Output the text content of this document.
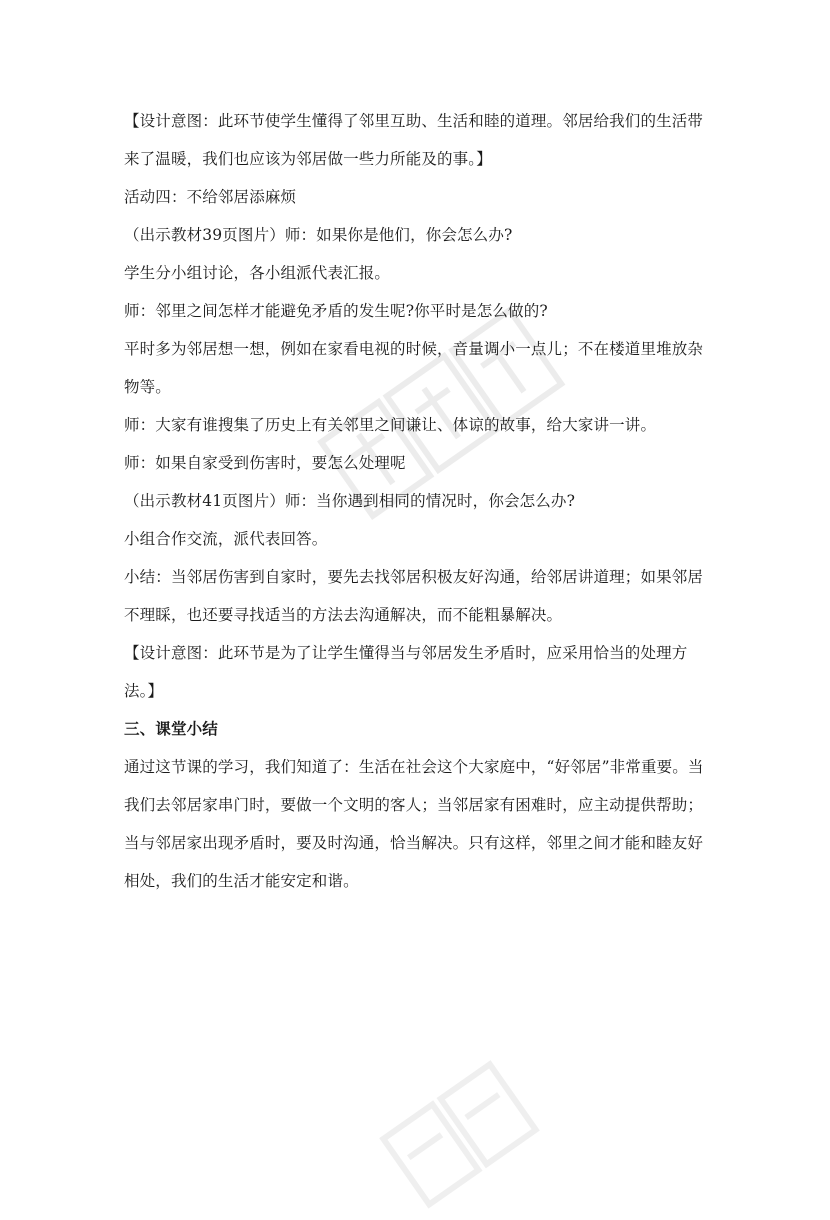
【设计意图：此环节使学生懂得了邻里互助、生活和睦的道理。邻居给我们的生活带来了温暖，我们也应该为邻居做一些力所能及的事。】

活动四：不给邻居添麻烦

（出示教材39页图片）师：如果你是他们，你会怎么办?

学生分小组讨论，各小组派代表汇报。

师：邻里之间怎样才能避免矛盾的发生呢?你平时是怎么做的?

平时多为邻居想一想，例如在家看电视的时候，音量调小一点儿；不在楼道里堆放杂物等。

师：大家有谁搜集了历史上有关邻里之间谦让、体谅的故事，给大家讲一讲。

师：如果自家受到伤害时，要怎么处理呢

（出示教材41页图片）师：当你遇到相同的情况时，你会怎么办?

小组合作交流，派代表回答。

小结：当邻居伤害到自家时，要先去找邻居积极友好沟通，给邻居讲道理；如果邻居不理睬，也还要寻找适当的方法去沟通解决，而不能粗暴解决。

【设计意图：此环节是为了让学生懂得当与邻居发生矛盾时，应采用恰当的处理方法。】

三、课堂小结

通过这节课的学习，我们知道了：生活在社会这个大家庭中，“好邻居”非常重要。当我们去邻居家串门时，要做一个文明的客人；当邻居家有困难时，应主动提供帮助；当与邻居家出现矛盾时，要及时沟通，恰当解决。只有这样，邻里之间才能和睦友好相处，我们的生活才能安定和谐。
